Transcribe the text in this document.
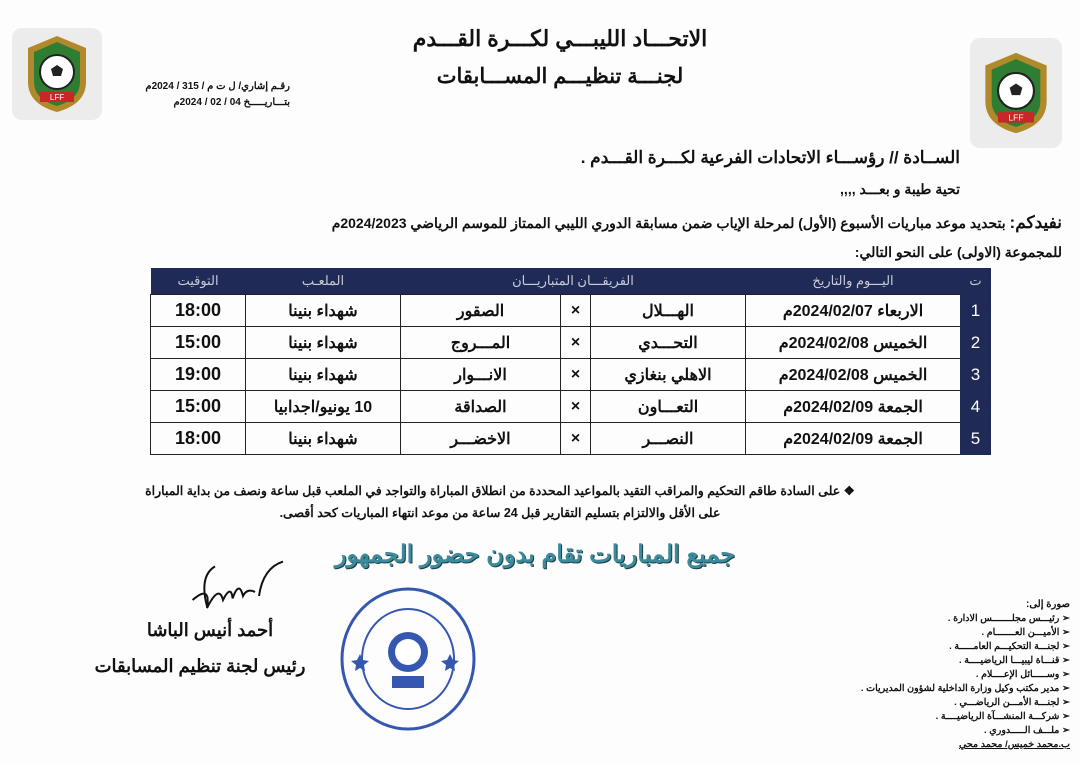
LFF
LFF
الاتحـــاد الليبـــي لكـــرة القـــدم
لجنـــة تنظيـــم المســـابقات
رقـم إشاري/ ل ت م / 315 / 2024م
بتـــاريـــــخ 04 / 02 / 2024م
الســادة // رؤســـاء الاتحادات الفرعية لكـــرة القـــدم .
تحية طيبة و بعـــد ,,,,
نفيدكم: بتحديد موعد مباريات الأسبوع (الأول) لمرحلة الإياب ضمن مسابقة الدوري الليبي الممتاز للموسم الرياضي 2024/2023م
للمجموعة (الاولى) على النحو التالي:
ت	اليـــوم والتاريخ	الفريقـــان المتباريـــان			الملعـب	التوقيت
1	الاربعاء 2024/02/07م	الهـــلال	×	الصقور	شهداء بنينا	18:00
2	الخميس 2024/02/08م	التحـــدي	×	المـــروج	شهداء بنينا	15:00
3	الخميس 2024/02/08م	الاهلي بنغازي	×	الانـــوار	شهداء بنينا	19:00
4	الجمعة 2024/02/09م	التعـــاون	×	الصداقة	10 يونيو/اجدابيا	15:00
5	الجمعة 2024/02/09م	النصـــر	×	الاخضـــر	شهداء بنينا	18:00
❖ على السادة طاقم التحكيم والمراقب التقيد بالمواعيد المحددة من انطلاق المباراة والتواجد في الملعب قبل ساعة ونصف من بداية المباراة
على الأقل والالتزام بتسليم التقارير قبل 24 ساعة من موعد انتهاء المباريات كحد أقصى.
جميع المباريات تقام بدون حضور الجمهور
أحمد أنيس الباشا
رئيس لجنة تنظيم المسابقات
صورة إلى:
➢ رئيـــس مجلـــــــس الادارة .
➢ الأميـــن العـــــــام .
➢ لجنـــة التحكيـــم العامـــــة .
➢ قنـــاة ليبيـــا الرياضيــــة .
➢ وســـــائل الإعــــلام .
➢ مدير مكتب وكيل وزارة الداخلية لشؤون المديريات .
➢ لجنـــة الأمـــن الرياضـــي .
➢ شركـــة المنشـــآة الرياضيــــة .
➢ ملـــف الـــــدوري .
ب.محمد خميس/ محمد محي
